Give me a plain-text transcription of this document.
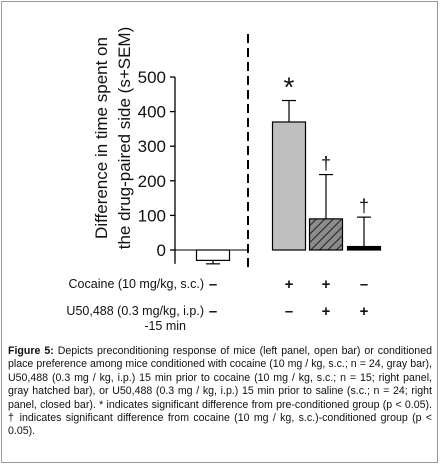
Difference in time spent on the drug-paired side (s+SEM)
0
100
200
300
400
500	*
†
†
Cocaine (10 mg/kg, s.c.) –	+ + –
U50,488 (0.3 mg/kg, i.p.)
-15 min
–	– + +
Figure 5: Depicts preconditioning response of mice (left panel, open bar) or conditioned place preference among mice conditioned with cocaine (10 mg / kg, s.c.; n = 24, gray bar), U50,488 (0.3 mg / kg, i.p.) 15 min prior to cocaine (10 mg / kg, s.c.; n = 15; right panel, gray hatched bar), or U50,488 (0.3 mg / kg, i.p.) 15 min prior to saline (s.c.; n = 24; right panel, closed bar). * indicates significant difference from pre-conditioned group (p < 0.05). † indicates significant difference from cocaine (10 mg / kg, s.c.)-conditioned group (p < 0.05).
